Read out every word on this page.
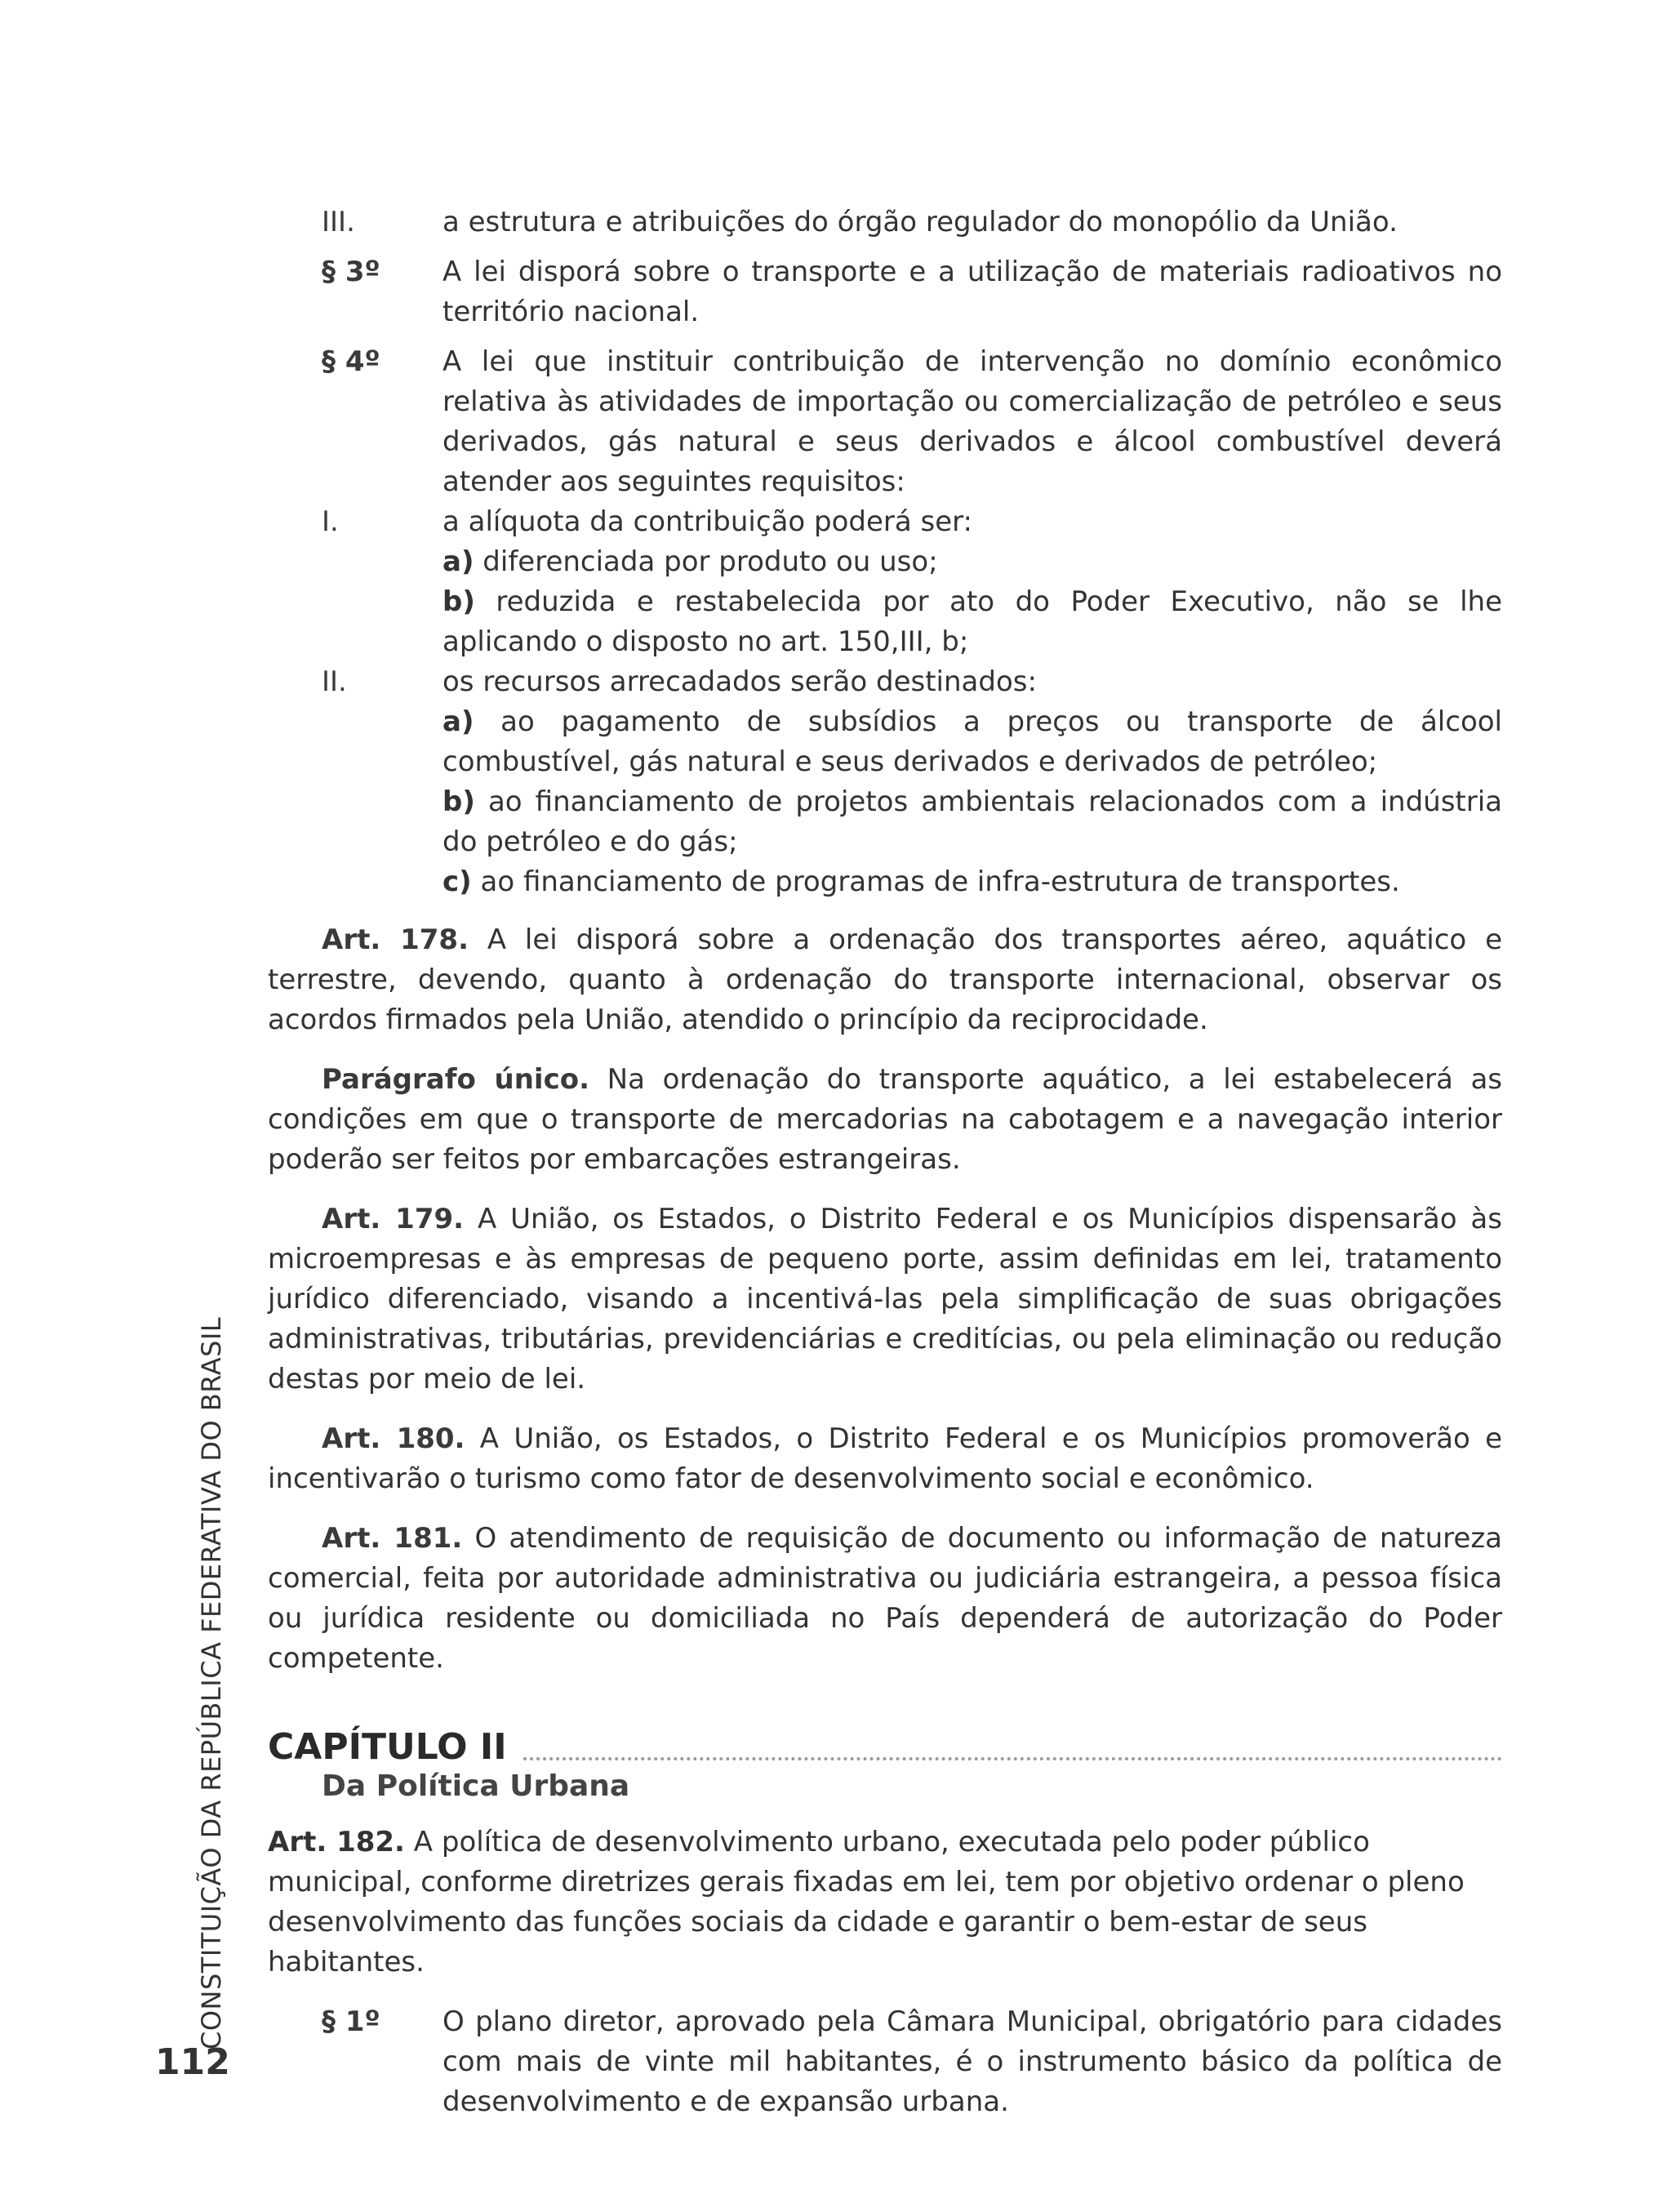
III.	a estrutura e atribuições do órgão regulador do monopólio da União.
§ 3º	A lei disporá sobre o transporte e a utilização de materiais radioativos no território nacional.
§ 4º	A lei que instituir contribuição de intervenção no domínio econômico relativa às atividades de importação ou comercialização de petróleo e seus derivados, gás natural e seus derivados e álcool combustível deverá atender aos seguintes requisitos:
I.	a alíquota da contribuição poderá ser:
a) diferenciada por produto ou uso;
b) reduzida e restabelecida por ato do Poder Executivo, não se lhe aplicando o disposto no art. 150,III, b;
II.	os recursos arrecadados serão destinados:
a) ao pagamento de subsídios a preços ou transporte de álcool combustível, gás natural e seus derivados e derivados de petróleo;
b) ao financiamento de projetos ambientais relacionados com a indústria do petróleo e do gás;
c) ao financiamento de programas de infra-estrutura de transportes.

Art. 178. A lei disporá sobre a ordenação dos transportes aéreo, aquático e terrestre, devendo, quanto à ordenação do transporte internacional, observar os acordos firmados pela União, atendido o princípio da reciprocidade.

Parágrafo único. Na ordenação do transporte aquático, a lei estabelecerá as condições em que o transporte de mercadorias na cabotagem e a navegação interior poderão ser feitos por embarcações estrangeiras.

Art. 179. A União, os Estados, o Distrito Federal e os Municípios dispensarão às microempresas e às empresas de pequeno porte, assim definidas em lei, tratamento jurídico diferenciado, visando a incentivá-las pela simplificação de suas obrigações administrativas, tributárias, previdenciárias e creditícias, ou pela eliminação ou redução destas por meio de lei.

Art. 180. A União, os Estados, o Distrito Federal e os Municípios promoverão e incentivarão o turismo como fator de desenvolvimento social e econômico.

Art. 181. O atendimento de requisição de documento ou informação de natureza comercial, feita por autoridade administrativa ou judiciária estrangeira, a pessoa física ou jurídica residente ou domiciliada no País dependerá de autorização do Poder competente.

CAPÍTULO II
Da Política Urbana

Art. 182. A política de desenvolvimento urbano, executada pelo poder público municipal, conforme diretrizes gerais fixadas em lei, tem por objetivo ordenar o pleno desenvolvimento das funções sociais da cidade e garantir o bem-estar de seus habitantes.

§ 1º	O plano diretor, aprovado pela Câmara Municipal, obrigatório para cidades com mais de vinte mil habitantes, é o instrumento básico da política de desenvolvimento e de expansão urbana.
CONSTITUIÇÃO DA REPÚBLICA FEDERATIVA DO BRASIL
112
